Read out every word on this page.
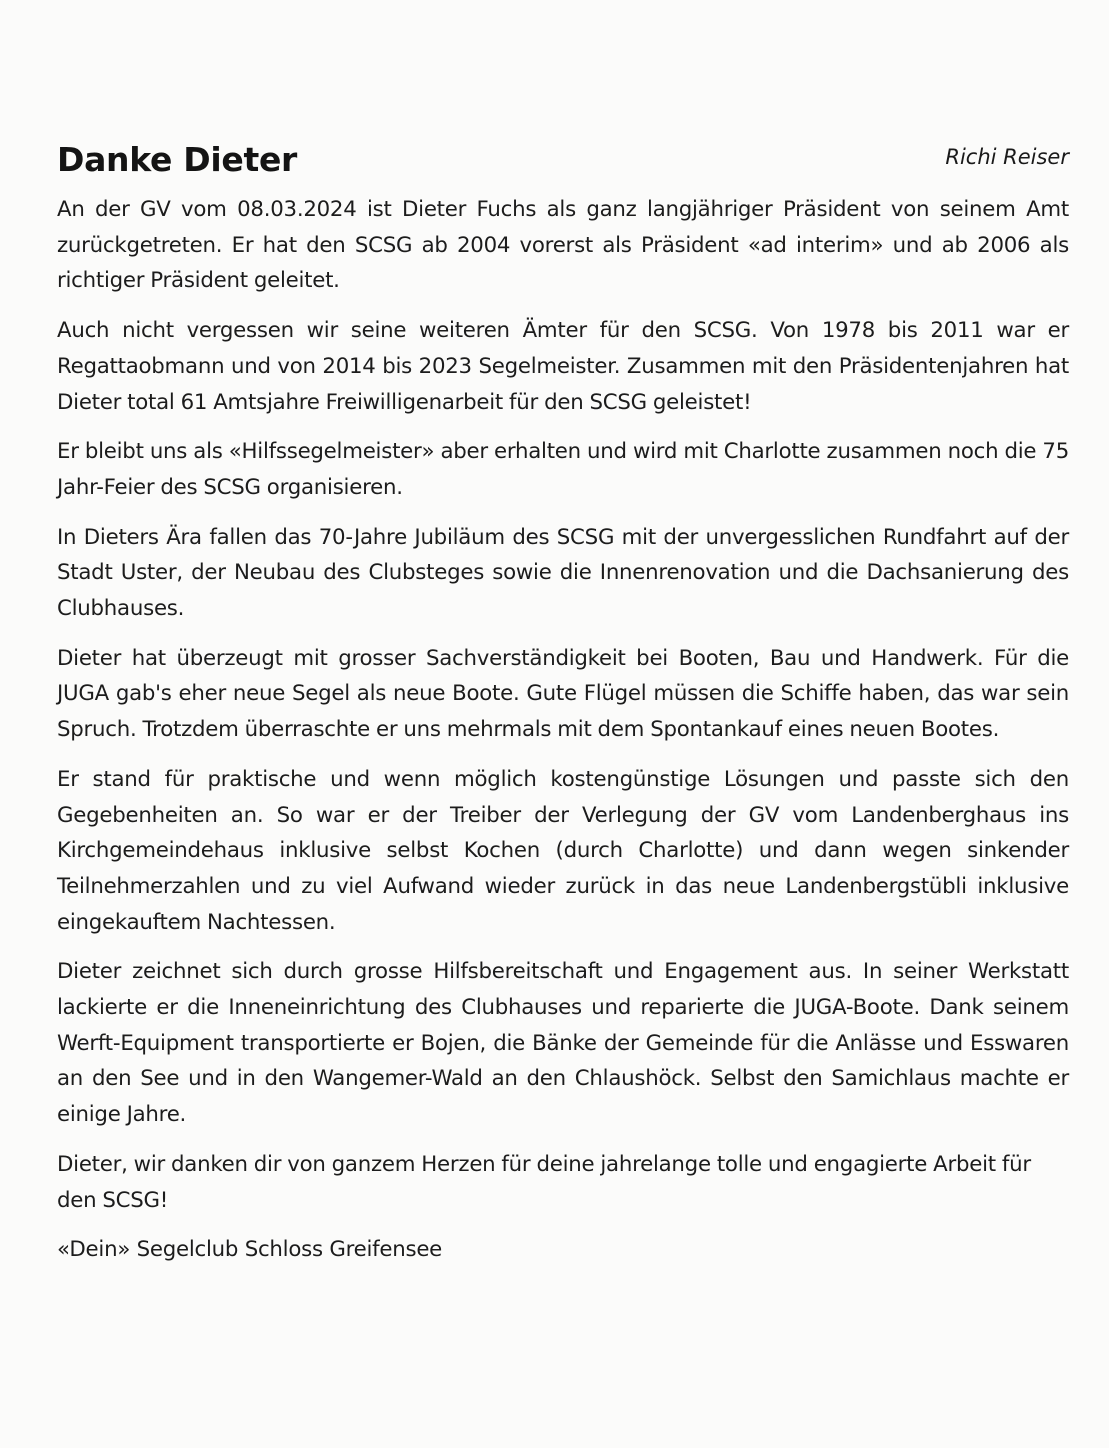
Danke Dieter	Richi Reiser

An der GV vom 08.03.2024 ist Dieter Fuchs als ganz langjähriger Präsident von seinem Amt zurückgetreten. Er hat den SCSG ab 2004 vorerst als Präsident «ad interim» und ab 2006 als richtiger Präsident geleitet.

Auch nicht vergessen wir seine weiteren Ämter für den SCSG. Von 1978 bis 2011 war er Regattaobmann und von 2014 bis 2023 Segelmeister. Zusammen mit den Präsidentenjahren hat Dieter total 61 Amtsjahre Freiwilligenarbeit für den SCSG geleistet!

Er bleibt uns als «Hilfssegelmeister» aber erhalten und wird mit Charlotte zusammen noch die 75 Jahr-Feier des SCSG organisieren.

In Dieters Ära fallen das 70-Jahre Jubiläum des SCSG mit der unvergesslichen Rundfahrt auf der Stadt Uster, der Neubau des Clubsteges sowie die Innenrenovation und die Dachsanierung des Clubhauses.

Dieter hat überzeugt mit grosser Sachverständigkeit bei Booten, Bau und Handwerk. Für die JUGA gab's eher neue Segel als neue Boote. Gute Flügel müssen die Schiffe haben, das war sein Spruch. Trotzdem überraschte er uns mehrmals mit dem Spontankauf eines neuen Bootes.

Er stand für praktische und wenn möglich kostengünstige Lösungen und passte sich den Gegebenheiten an. So war er der Treiber der Verlegung der GV vom Landenberghaus ins Kirchgemeindehaus inklusive selbst Kochen (durch Charlotte) und dann wegen sinkender Teilnehmerzahlen und zu viel Aufwand wieder zurück in das neue Landenbergstübli inklusive eingekauftem Nachtessen.

Dieter zeichnet sich durch grosse Hilfsbereitschaft und Engagement aus. In seiner Werkstatt lackierte er die Inneneinrichtung des Clubhauses und reparierte die JUGA-Boote. Dank seinem Werft-Equipment transportierte er Bojen, die Bänke der Gemeinde für die Anlässe und Esswaren an den See und in den Wangemer-Wald an den Chlaushöck. Selbst den Samichlaus machte er einige Jahre.

Dieter, wir danken dir von ganzem Herzen für deine jahrelange tolle und engagierte Arbeit für den SCSG!

«Dein» Segelclub Schloss Greifensee
